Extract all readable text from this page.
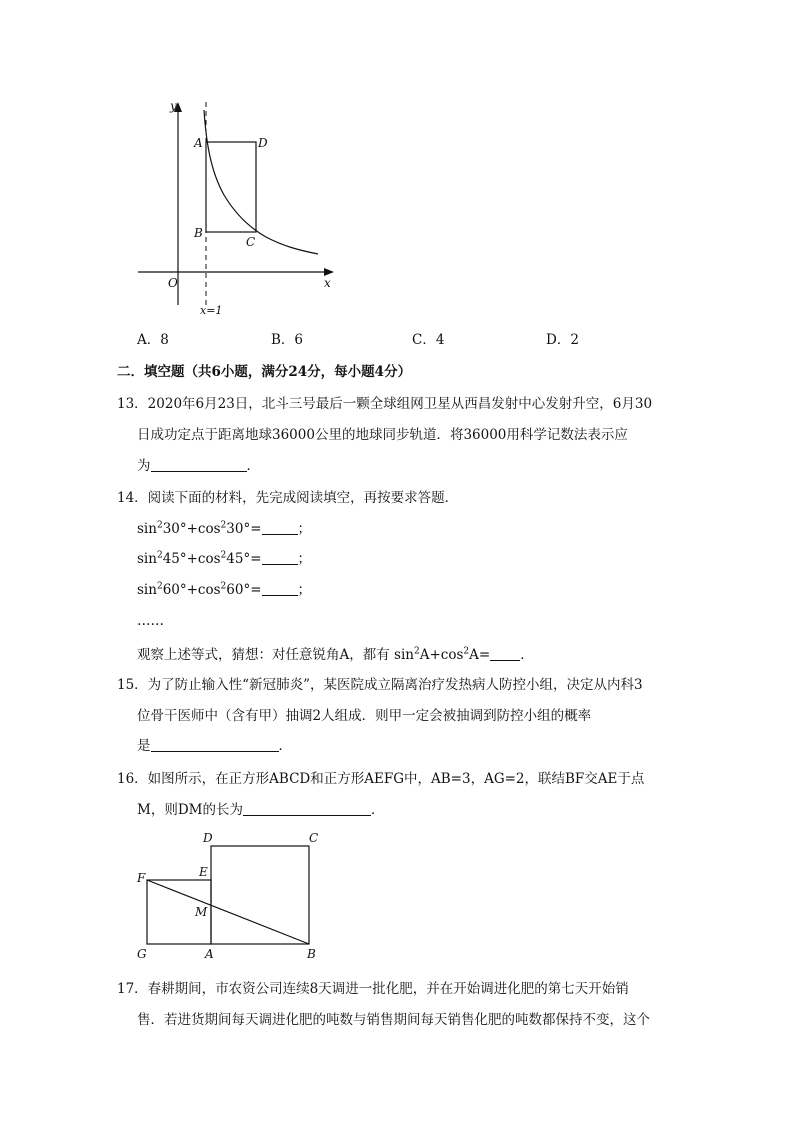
y
x
O
A	D
B
C
x=1
A．8	B．6	C．4	D．2
二．填空题（共6小题，满分24分，每小题4分）
13．2020年6月23日，北斗三号最后一颗全球组网卫星从西昌发射中心发射升空，6月30
日成功定点于距离地球36000公里的地球同步轨道．将36000用科学记数法表示应
为	．
14．阅读下面的材料，先完成阅读填空，再按要求答题．
$\sin^230^\circ+\cos^230^\circ=$	；
$\sin^245^\circ+\cos^245^\circ=$	；
$\sin^260^\circ+\cos^260^\circ=$	；
……
观察上述等式，猜想：对任意锐角A，都有 $\sin^2A+\cos^2A=$ ．
15．为了防止输入性“新冠肺炎”，某医院成立隔离治疗发热病人防控小组，决定从内科3
位骨干医师中（含有甲）抽调2人组成．则甲一定会被抽调到防控小组的概率
是	．
16．如图所示，在正方形ABCD和正方形AEFG中，AB=3，AG=2，联结BF交AE于点
M，则DM的长为	．
D	C
E
F
M
G	A	B
17．春耕期间，市农资公司连续8天调进一批化肥，并在开始调进化肥的第七天开始销
售．若进货期间每天调进化肥的吨数与销售期间每天销售化肥的吨数都保持不变，这个
